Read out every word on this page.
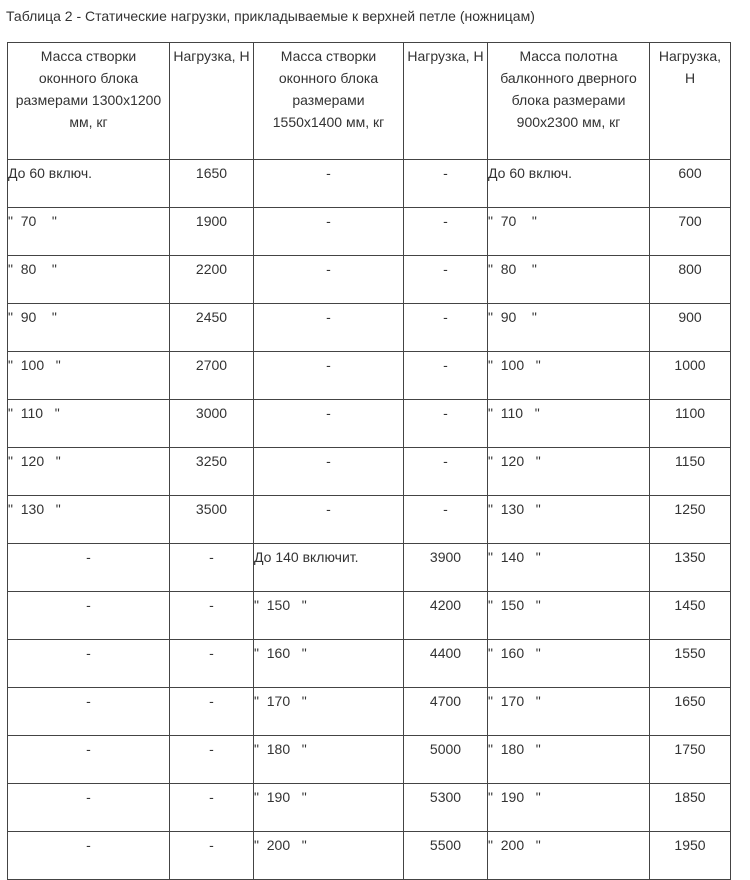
Таблица 2 - Статические нагрузки, прикладываемые к верхней петле (ножницам)
Масса створки оконного блока размерами 1300х1200 мм, кг	Нагрузка, Н	Масса створки оконного блока размерами 1550х1400 мм, кг	Нагрузка, Н	Масса полотна балконного дверного блока размерами 900х2300 мм, кг	Нагрузка, Н
До 60 включ.	1650	-	-	До 60 включ.	600
"  70    "	1900	-	-	"  70    "	700
"  80    "	2200	-	-	"  80    "	800
"  90    "	2450	-	-	"  90    "	900
"  100   "	2700	-	-	"  100   "	1000
"  110   "	3000	-	-	"  110   "	1100
"  120   "	3250	-	-	"  120   "	1150
"  130   "	3500	-	-	"  130   "	1250
-	-	До 140 включит.	3900	"  140   "	1350
-	-	"  150   "	4200	"  150   "	1450
-	-	"  160   "	4400	"  160   "	1550
-	-	"  170   "	4700	"  170   "	1650
-	-	"  180   "	5000	"  180   "	1750
-	-	"  190   "	5300	"  190   "	1850
-	-	"  200   "	5500	"  200   "	1950
